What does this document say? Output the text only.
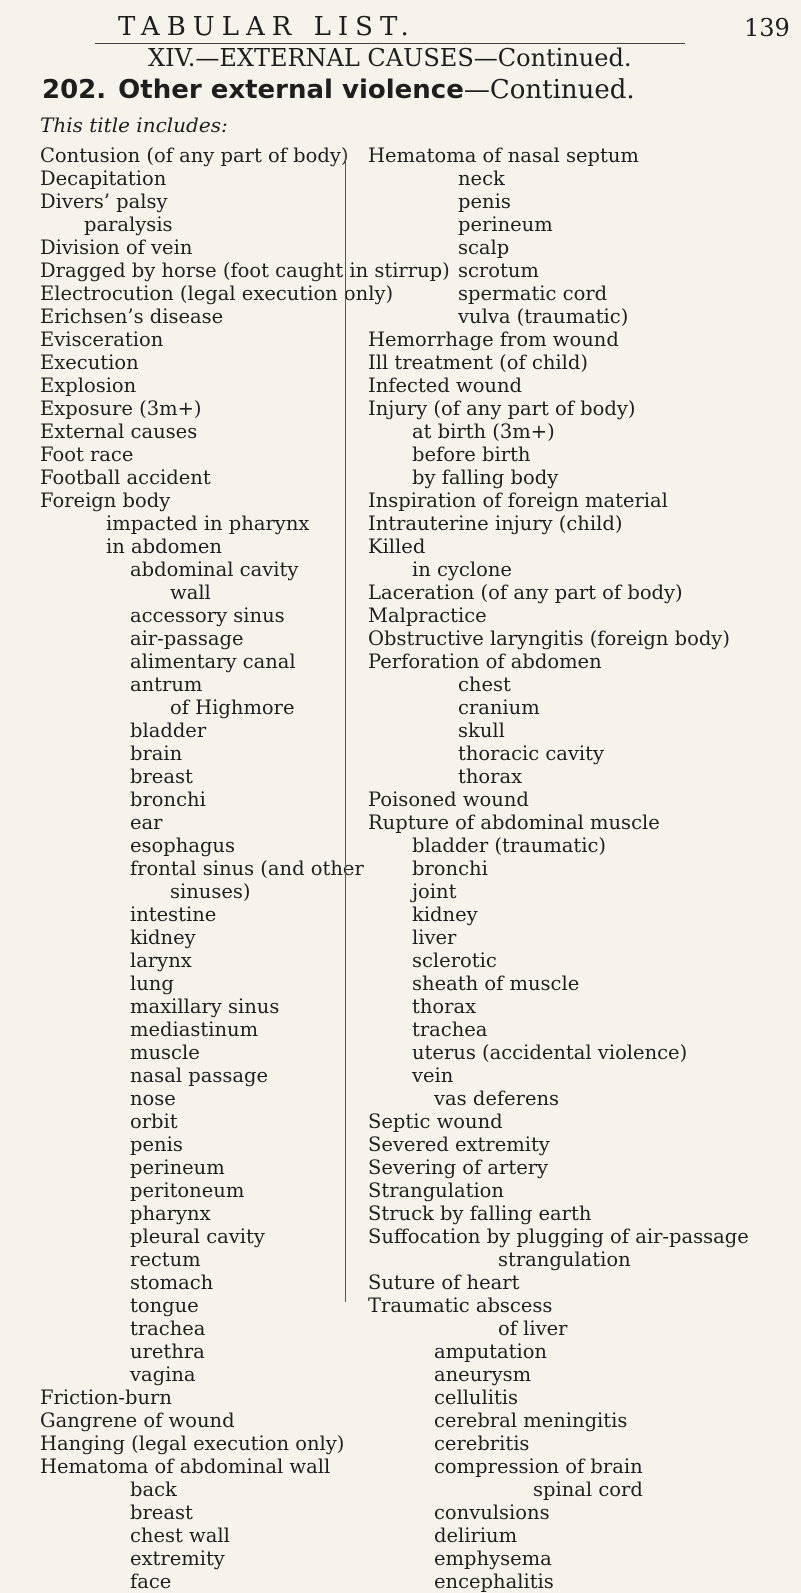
TABULAR LIST.	139
XIV.—EXTERNAL CAUSES—Continued.
202. Other external violence—Continued.
This title includes:
Contusion (of any part of body)
Decapitation
Divers’ palsy
paralysis
Division of vein
Dragged by horse (foot caught in stirrup)
Electrocution (legal execution only)
Erichsen’s disease
Evisceration
Execution
Explosion
Exposure (3m+)
External causes
Foot race
Football accident
Foreign body
impacted in pharynx
in abdomen
abdominal cavity
wall
accessory sinus
air-passage
alimentary canal
antrum
of Highmore
bladder
brain
breast
bronchi
ear
esophagus
frontal sinus (and other
sinuses)
intestine
kidney
larynx
lung
maxillary sinus
mediastinum
muscle
nasal passage
nose
orbit
penis
perineum
peritoneum
pharynx
pleural cavity
rectum
stomach
tongue
trachea
urethra
vagina
Friction-burn
Gangrene of wound
Hanging (legal execution only)
Hematoma of abdominal wall
back
breast
chest wall
extremity
face
Hematoma of nasal septum
neck
penis
perineum
scalp
scrotum
spermatic cord
vulva (traumatic)
Hemorrhage from wound
Ill treatment (of child)
Infected wound
Injury (of any part of body)
at birth (3m+)
before birth
by falling body
Inspiration of foreign material
Intrauterine injury (child)
Killed
in cyclone
Laceration (of any part of body)
Malpractice
Obstructive laryngitis (foreign body)
Perforation of abdomen
chest
cranium
skull
thoracic cavity
thorax
Poisoned wound
Rupture of abdominal muscle
bladder (traumatic)
bronchi
joint
kidney
liver
sclerotic
sheath of muscle
thorax
trachea
uterus (accidental violence)
vein
vas deferens
Septic wound
Severed extremity
Severing of artery
Strangulation
Struck by falling earth
Suffocation by plugging of air-passage
strangulation
Suture of heart
Traumatic abscess
of liver
amputation
aneurysm
cellulitis
cerebral meningitis
cerebritis
compression of brain
spinal cord
convulsions
delirium
emphysema
encephalitis
